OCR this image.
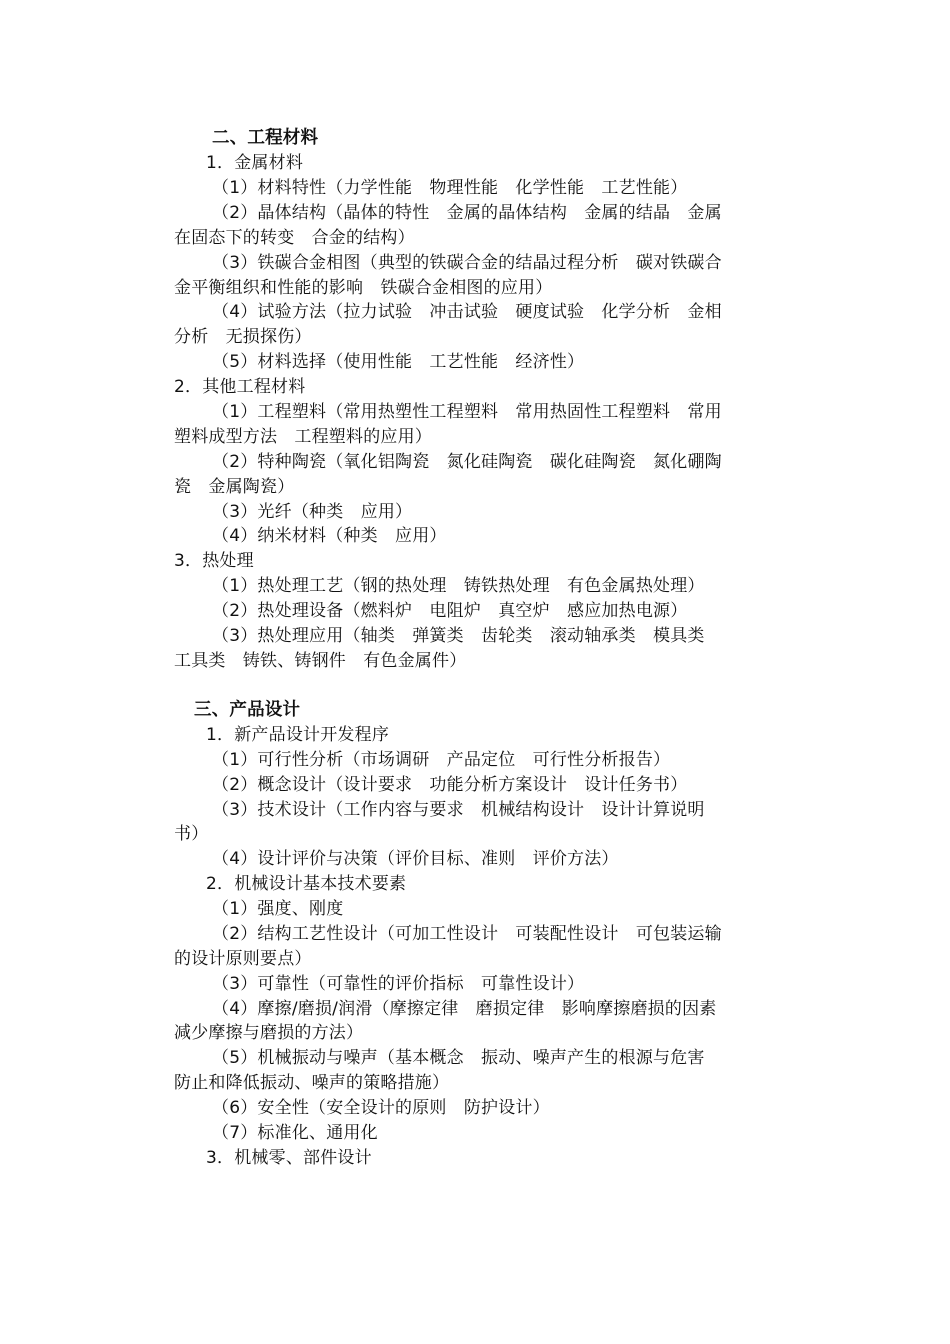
二、工程材料
1．金属材料
（1）材料特性（力学性能　物理性能　化学性能　工艺性能）
（2）晶体结构（晶体的特性　金属的晶体结构　金属的结晶　金属
在固态下的转变　合金的结构）
（3）铁碳合金相图（典型的铁碳合金的结晶过程分析　碳对铁碳合
金平衡组织和性能的影响　铁碳合金相图的应用）
（4）试验方法（拉力试验　冲击试验　硬度试验　化学分析　金相
分析　无损探伤）
（5）材料选择（使用性能　工艺性能　经济性）
2．其他工程材料
（1）工程塑料（常用热塑性工程塑料　常用热固性工程塑料　常用
塑料成型方法　工程塑料的应用）
（2）特种陶瓷（氧化铝陶瓷　氮化硅陶瓷　碳化硅陶瓷　氮化硼陶
瓷　金属陶瓷）
（3）光纤（种类　应用）
（4）纳米材料（种类　应用）
3．热处理
（1）热处理工艺（钢的热处理　铸铁热处理　有色金属热处理）
（2）热处理设备（燃料炉　电阻炉　真空炉　感应加热电源）
（3）热处理应用（轴类　弹簧类　齿轮类　滚动轴承类　模具类
工具类　铸铁、铸钢件　有色金属件）
三、产品设计
1．新产品设计开发程序
（1）可行性分析（市场调研　产品定位　可行性分析报告）
（2）概念设计（设计要求　功能分析方案设计　设计任务书）
（3）技术设计（工作内容与要求　机械结构设计　设计计算说明
书）
（4）设计评价与决策（评价目标、准则　评价方法）
2．机械设计基本技术要素
（1）强度、刚度
（2）结构工艺性设计（可加工性设计　可装配性设计　可包装运输
的设计原则要点）
（3）可靠性（可靠性的评价指标　可靠性设计）
（4）摩擦/磨损/润滑（摩擦定律　磨损定律　影响摩擦磨损的因素
减少摩擦与磨损的方法）
（5）机械振动与噪声（基本概念　振动、噪声产生的根源与危害
防止和降低振动、噪声的策略措施）
（6）安全性（安全设计的原则　防护设计）
（7）标准化、通用化
3．机械零、部件设计
